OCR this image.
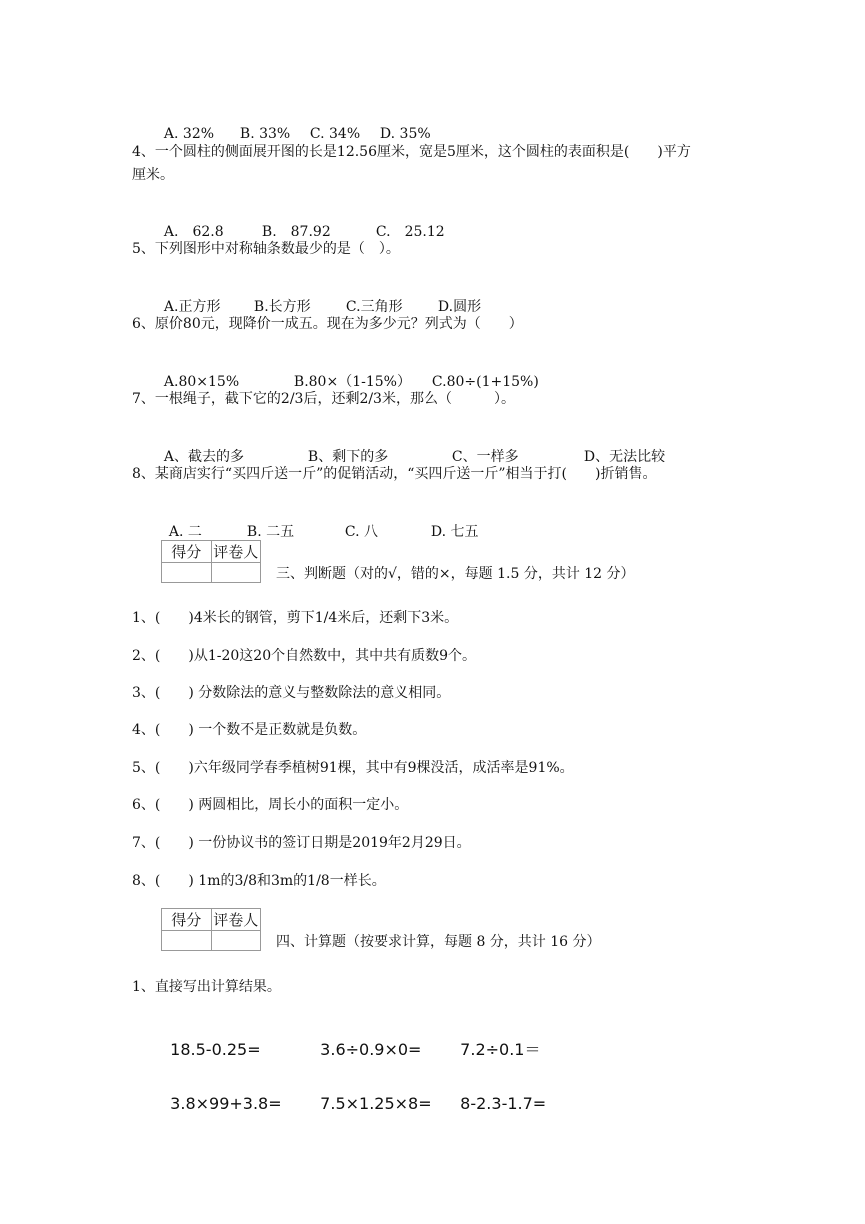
A. 32% B. 33% C. 34% D. 35%

4、一个圆柱的侧面展开图的长是12.56厘米，宽是5厘米，这个圆柱的表面积是(　　)平方
厘米。

A.　62.8	B.　87.92	C.　25.12

5、下列图形中对称轴条数最少的是（　）。

A.正方形 B.长方形	C.三角形	D.圆形

6、原价80元，现降价一成五。现在为多少元？列式为（　　）

A.80×15%	B.80×（1-15%） C.80÷(1+15%)

7、一根绳子，截下它的2/3后，还剩2/3米，那么（　　　）。

A、截去的多	B、剩下的多	C、一样多	D、无法比较

8、某商店实行“买四斤送一斤”的促销活动，“买四斤送一斤”相当于打(　　)折销售。

A. 二	B. 二五	C. 八	D. 七五

得分	评卷人

三、判断题（对的√，错的×，每题 1.5 分，共计 12 分）
1、(　　)4米长的钢管，剪下1/4米后，还剩下3米。
2、(　　)从1-20这20个自然数中，其中共有质数9个。
3、(　　) 分数除法的意义与整数除法的意义相同。
4、(　　) 一个数不是正数就是负数。
5、(　　)六年级同学春季植树91棵，其中有9棵没活，成活率是91%。
6、(　　) 两圆相比，周长小的面积一定小。
7、(　　) 一份协议书的签订日期是2019年2月29日。
8、(　　) 1m的3/8和3m的1/8一样长。
得分	评卷人

四、计算题（按要求计算，每题 8 分，共计 16 分）
1、直接写出计算结果。

18.5-0.25=	3.6÷0.9×0= 7.2÷0.1＝

3.8×99+3.8= 7.5×1.25×8= 8-2.3-1.7=
